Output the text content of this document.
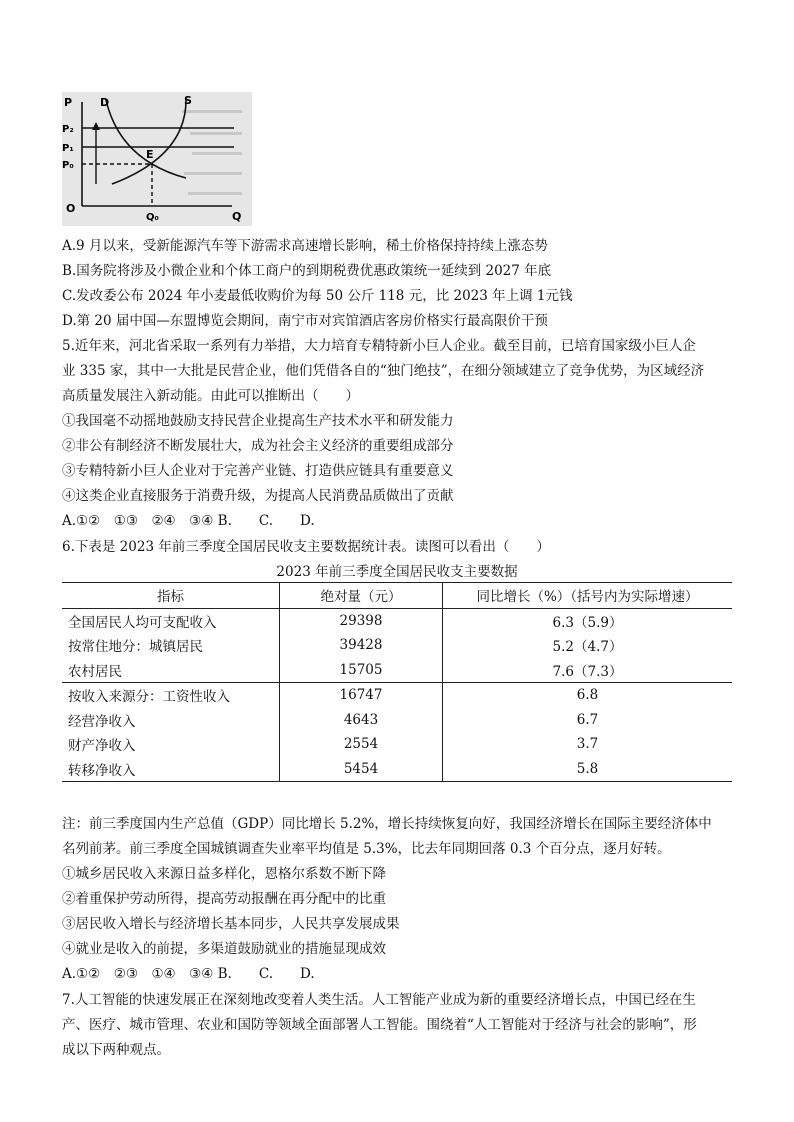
P
P₂
P₁
P₀
O
Q₀	Q
D	S
E
A.9 月以来，受新能源汽车等下游需求高速增长影响，稀土价格保持持续上涨态势
B.国务院将涉及小微企业和个体工商户的到期税费优惠政策统一延续到 2027 年底
C.发改委公布 2024 年小麦最低收购价为每 50 公斤 118 元，比 2023 年上调 1元钱
D.第 20 届中国—东盟博览会期间，南宁市对宾馆酒店客房价格实行最高限价干预
5.近年来，河北省采取一系列有力举措，大力培育专精特新小巨人企业。截至目前，已培育国家级小巨人企
业 335 家，其中一大批是民营企业，他们凭借各自的“独门绝技”，在细分领域建立了竞争优势，为区域经济
高质量发展注入新动能。由此可以推断出（　　）
①我国毫不动摇地鼓励支持民营企业提高生产技术水平和研发能力
②非公有制经济不断发展壮大，成为社会主义经济的重要组成部分
③专精特新小巨人企业对于完善产业链、打造供应链具有重要意义
④这类企业直接服务于消费升级，为提高人民消费品质做出了贡献
A.①②　①③　②④　③④ B.　　C.　　D.
6.下表是 2023 年前三季度全国居民收支主要数据统计表。读图可以看出（　　）
2023 年前三季度全国居民收支主要数据
指标	绝对量（元）	同比增长（%）（括号内为实际增速）
全国居民人均可支配收入	29398	6.3（5.9）
按常住地分：城镇居民	39428	5.2（4.7）
农村居民	15705	7.6（7.3）
按收入来源分：工资性收入	16747	6.8
经营净收入	4643	6.7
财产净收入	2554	3.7
转移净收入	5454	5.8
注：前三季度国内生产总值（GDP）同比增长 5.2%，增长持续恢复向好，我国经济增长在国际主要经济体中
名列前茅。前三季度全国城镇调查失业率平均值是 5.3%，比去年同期回落 0.3 个百分点，逐月好转。
①城乡居民收入来源日益多样化，恩格尔系数不断下降
②着重保护劳动所得，提高劳动报酬在再分配中的比重
③居民收入增长与经济增长基本同步，人民共享发展成果
④就业是收入的前提，多渠道鼓励就业的措施显现成效
A.①②　②③　①④　③④ B.　　C.　　D.
7.人工智能的快速发展正在深刻地改变着人类生活。人工智能产业成为新的重要经济增长点，中国已经在生
产、医疗、城市管理、农业和国防等领域全面部署人工智能。围绕着“人工智能对于经济与社会的影响”，形
成以下两种观点。
